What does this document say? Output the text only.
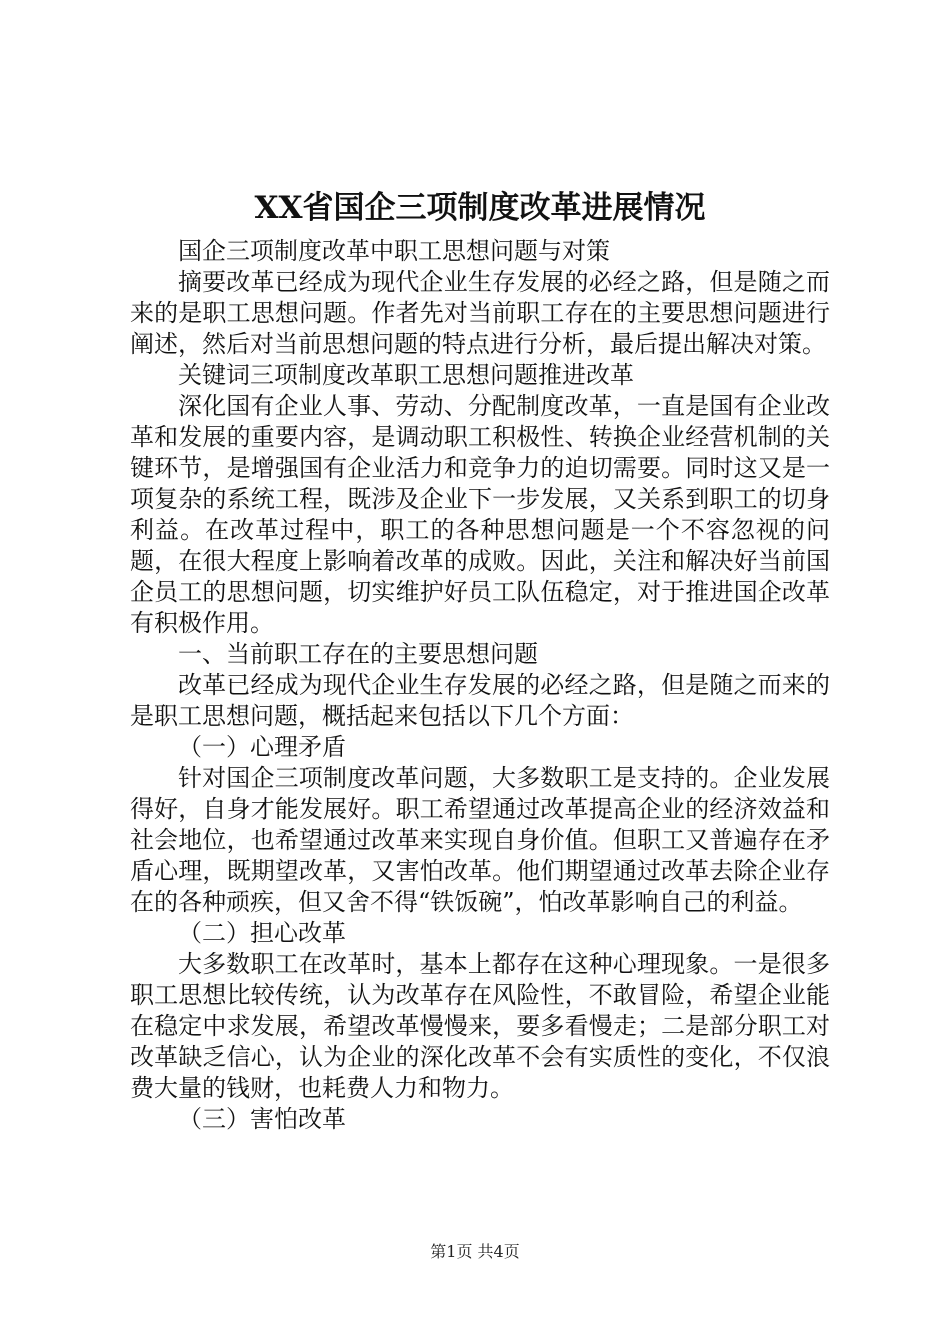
XX省国企三项制度改革进展情况

国企三项制度改革中职工思想问题与对策

摘要改革已经成为现代企业生存发展的必经之路，但是随之而来的是职工思想问题。作者先对当前职工存在的主要思想问题进行阐述，然后对当前思想问题的特点进行分析，最后提出解决对策。

关键词三项制度改革职工思想问题推进改革

深化国有企业人事、劳动、分配制度改革，一直是国有企业改革和发展的重要内容，是调动职工积极性、转换企业经营机制的关键环节，是增强国有企业活力和竞争力的迫切需要。同时这又是一项复杂的系统工程，既涉及企业下一步发展，又关系到职工的切身利益。在改革过程中，职工的各种思想问题是一个不容忽视的问题，在很大程度上影响着改革的成败。因此，关注和解决好当前国企员工的思想问题，切实维护好员工队伍稳定，对于推进国企改革有积极作用。

一、当前职工存在的主要思想问题

改革已经成为现代企业生存发展的必经之路，但是随之而来的是职工思想问题，概括起来包括以下几个方面：

（一）心理矛盾

针对国企三项制度改革问题，大多数职工是支持的。企业发展得好，自身才能发展好。职工希望通过改革提高企业的经济效益和社会地位，也希望通过改革来实现自身价值。但职工又普遍存在矛盾心理，既期望改革，又害怕改革。他们期望通过改革去除企业存在的各种顽疾，但又舍不得“铁饭碗”，怕改革影响自己的利益。

（二）担心改革

大多数职工在改革时，基本上都存在这种心理现象。一是很多职工思想比较传统，认为改革存在风险性，不敢冒险，希望企业能在稳定中求发展，希望改革慢慢来，要多看慢走；二是部分职工对改革缺乏信心，认为企业的深化改革不会有实质性的变化，不仅浪费大量的钱财，也耗费人力和物力。

（三）害怕改革

第1页 共4页
